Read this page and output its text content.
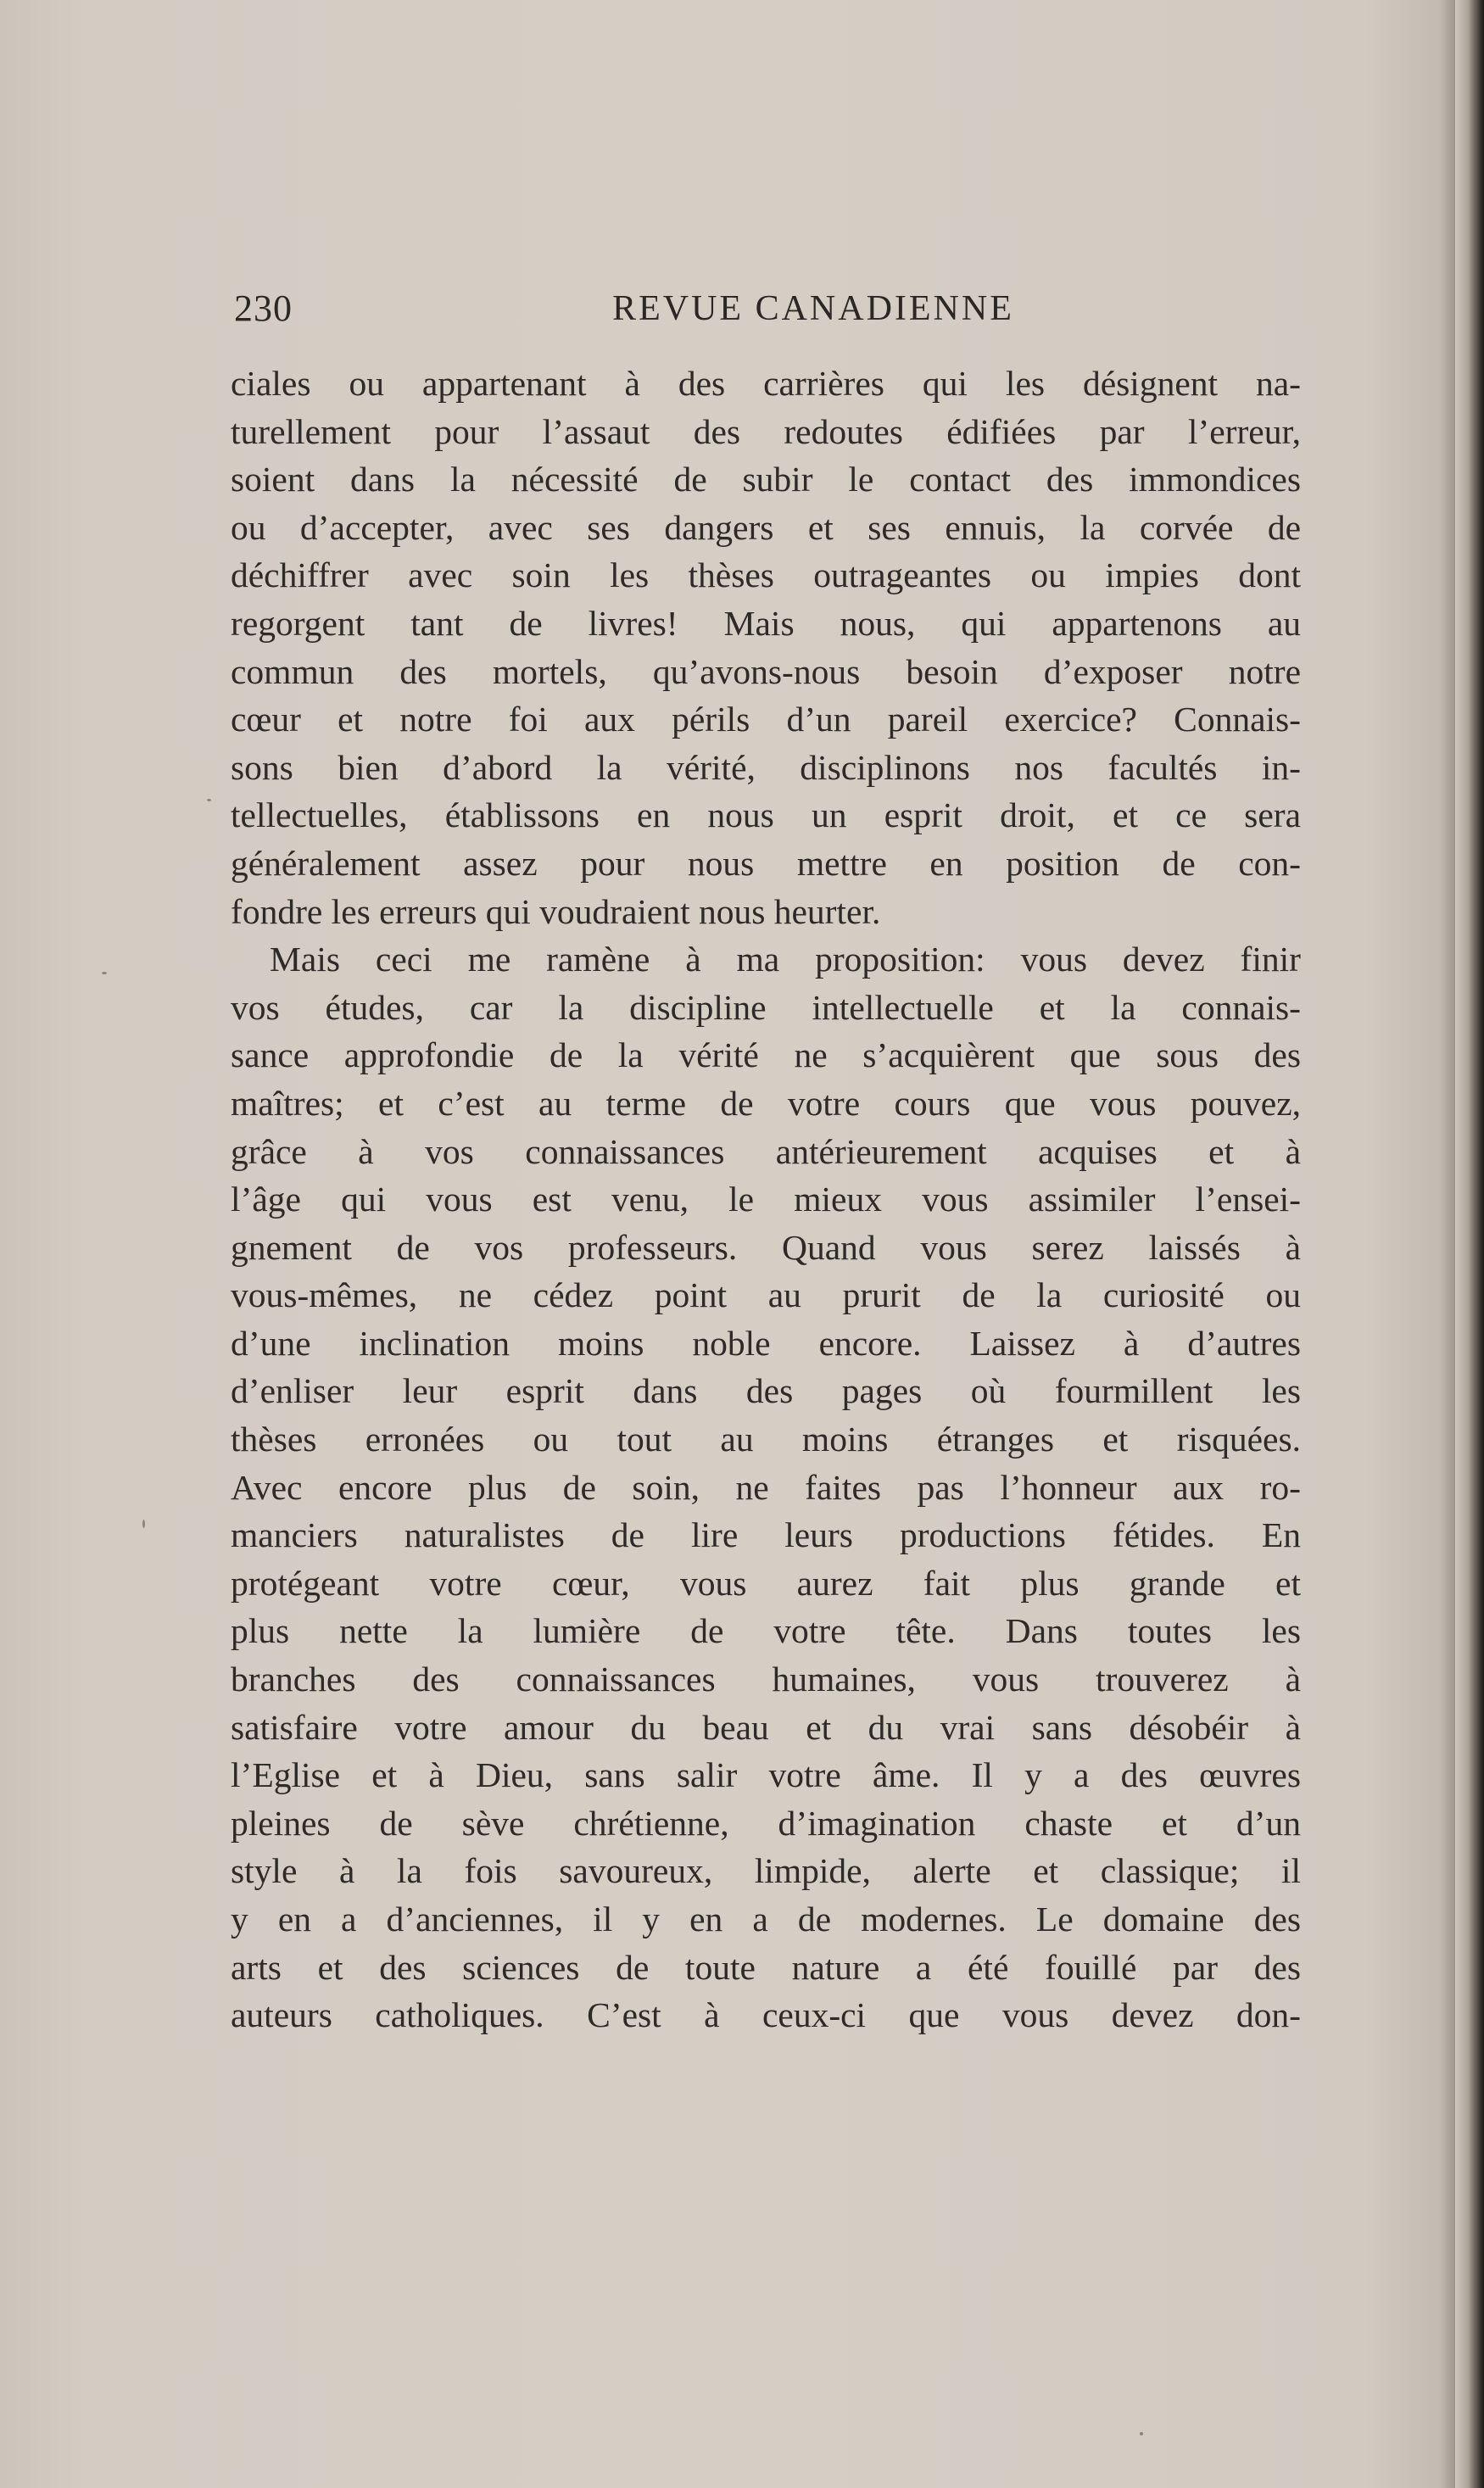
230	REVUE CANADIENNE
ciales ou appartenant à des carrières qui les désignent na-
turellement pour l’assaut des redoutes édifiées par l’erreur,
soient dans la nécessité de subir le contact des immondices
ou d’accepter, avec ses dangers et ses ennuis, la corvée de
déchiffrer avec soin les thèses outrageantes ou impies dont
regorgent tant de livres! Mais nous, qui appartenons au
commun des mortels, qu’avons-nous besoin d’exposer notre
cœur et notre foi aux périls d’un pareil exercice? Connais-
sons bien d’abord la vérité, disciplinons nos facultés in-
tellectuelles, établissons en nous un esprit droit, et ce sera
généralement assez pour nous mettre en position de con-
fondre les erreurs qui voudraient nous heurter.
Mais ceci me ramène à ma proposition: vous devez finir
vos études, car la discipline intellectuelle et la connais-
sance approfondie de la vérité ne s’acquièrent que sous des
maîtres; et c’est au terme de votre cours que vous pouvez,
grâce à vos connaissances antérieurement acquises et à
l’âge qui vous est venu, le mieux vous assimiler l’ensei-
gnement de vos professeurs. Quand vous serez laissés à
vous-mêmes, ne cédez point au prurit de la curiosité ou
d’une inclination moins noble encore. Laissez à d’autres
d’enliser leur esprit dans des pages où fourmillent les
thèses erronées ou tout au moins étranges et risquées.
Avec encore plus de soin, ne faites pas l’honneur aux ro-
manciers naturalistes de lire leurs productions fétides. En
protégeant votre cœur, vous aurez fait plus grande et
plus nette la lumière de votre tête. Dans toutes les
branches des connaissances humaines, vous trouverez à
satisfaire votre amour du beau et du vrai sans désobéir à
l’Eglise et à Dieu, sans salir votre âme. Il y a des œuvres
pleines de sève chrétienne, d’imagination chaste et d’un
style à la fois savoureux, limpide, alerte et classique; il
y en a d’anciennes, il y en a de modernes. Le domaine des
arts et des sciences de toute nature a été fouillé par des
auteurs catholiques. C’est à ceux-ci que vous devez don-
